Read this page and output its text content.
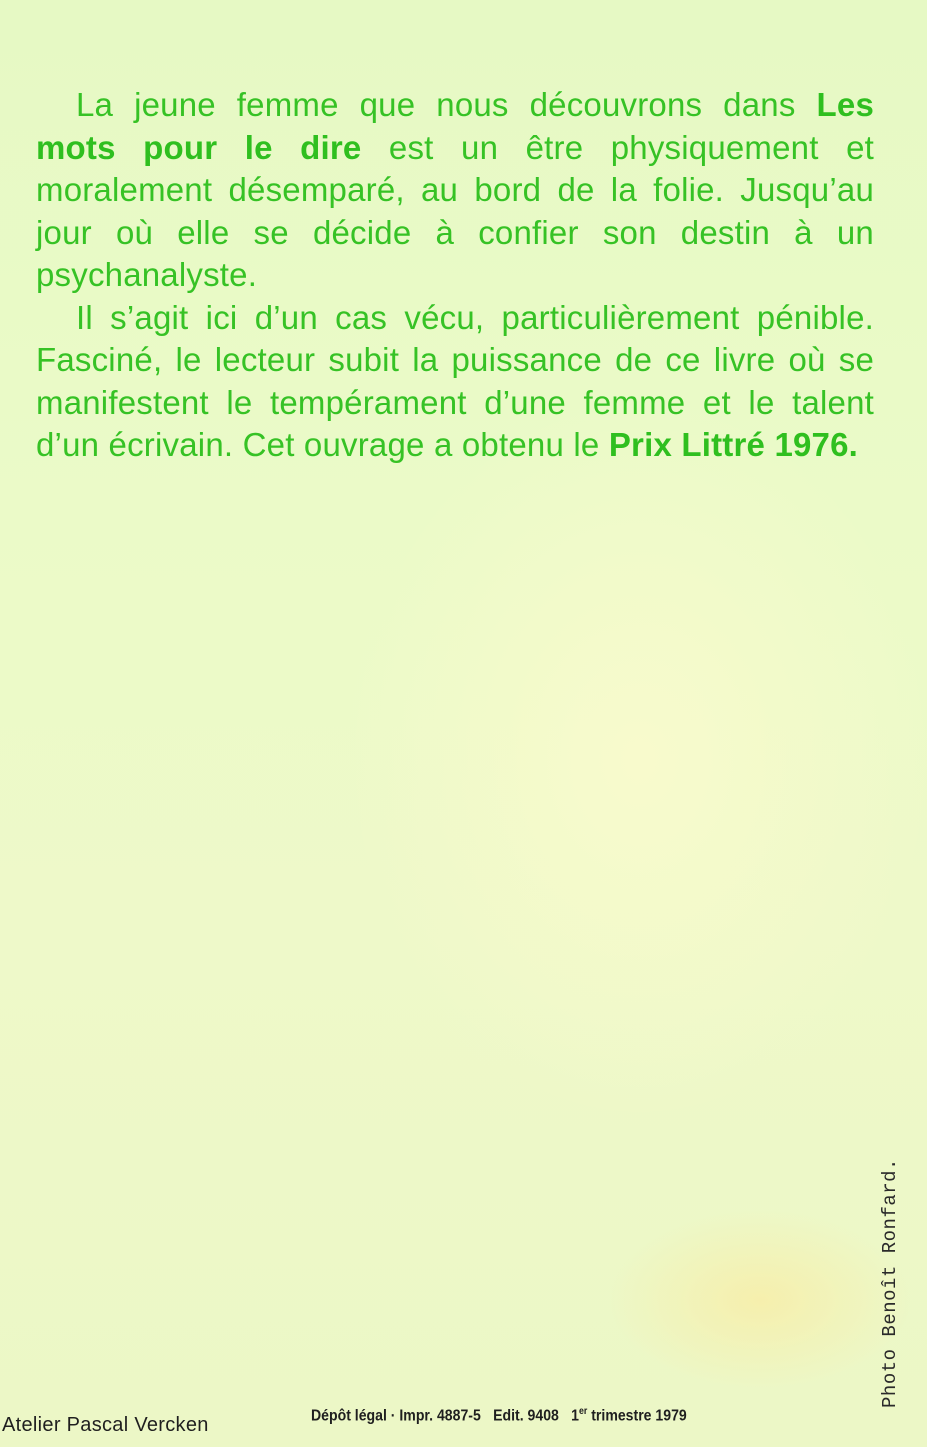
La jeune femme que nous découvrons dans Les mots pour le dire est un être physiquement et moralement désemparé, au bord de la folie. Jusqu’au jour où elle se décide à confier son destin à un psychanalyste.

Il s’agit ici d’un cas vécu, particulièrement pénible. Fasciné, le lecteur subit la puissance de ce livre où se manifestent le tempérament d’une femme et le talent d’un écrivain. Cet ouvrage a obtenu le Prix Littré 1976.

Photo Benoît Ronfard.
Atelier Pascal Vercken	Dépôt légal · Impr. 4887-5 Edit. 9408 1er trimestre 1979
